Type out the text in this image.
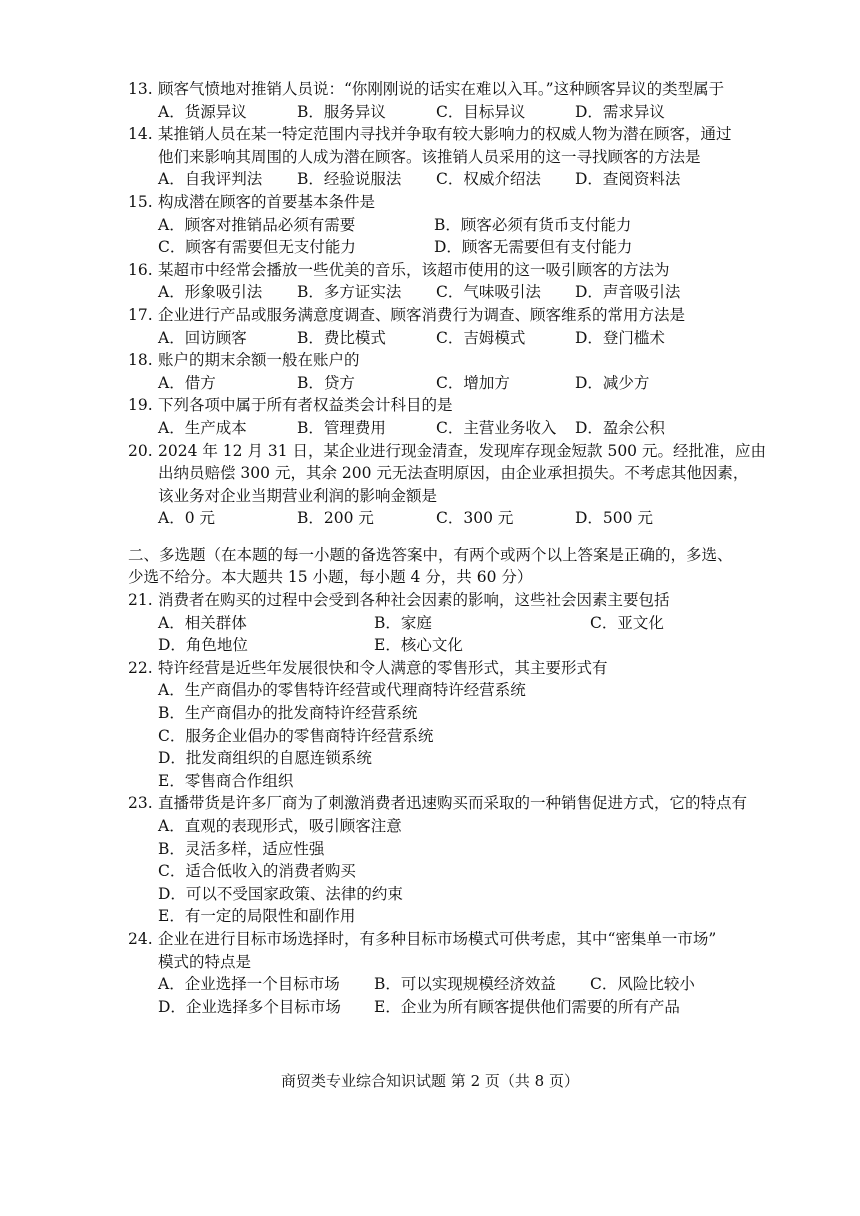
13. 顾客气愤地对推销人员说：“你刚刚说的话实在难以入耳。”这种顾客异议的类型属于
A．货源异议	B．服务异议	C．目标异议	D．需求异议
14. 某推销人员在某一特定范围内寻找并争取有较大影响力的权威人物为潜在顾客，通过
他们来影响其周围的人成为潜在顾客。该推销人员采用的这一寻找顾客的方法是
A．自我评判法	B．经验说服法	C．权威介绍法	D．查阅资料法
15. 构成潜在顾客的首要基本条件是
A．顾客对推销品必须有需要	B．顾客必须有货币支付能力
C．顾客有需要但无支付能力	D．顾客无需要但有支付能力
16. 某超市中经常会播放一些优美的音乐，该超市使用的这一吸引顾客的方法为
A．形象吸引法	B．多方证实法	C．气味吸引法	D．声音吸引法
17. 企业进行产品或服务满意度调查、顾客消费行为调查、顾客维系的常用方法是
A．回访顾客	B．费比模式	C．吉姆模式	D．登门槛术
18. 账户的期末余额一般在账户的
A．借方	B．贷方	C．增加方	D．减少方
19. 下列各项中属于所有者权益类会计科目的是
A．生产成本	B．管理费用	C．主营业务收入	D．盈余公积
20. 2024 年 12 月 31 日，某企业进行现金清查，发现库存现金短款 500 元。经批准，应由
出纳员赔偿 300 元，其余 200 元无法查明原因，由企业承担损失。不考虑其他因素，
该业务对企业当期营业利润的影响金额是
A．0 元	B．200 元	C．300 元	D．500 元
二、多选题（在本题的每一小题的备选答案中，有两个或两个以上答案是正确的，多选、
少选不给分。本大题共 15 小题，每小题 4 分，共 60 分）
21. 消费者在购买的过程中会受到各种社会因素的影响，这些社会因素主要包括
A．相关群体	B．家庭	C．亚文化
D．角色地位	E．核心文化
22. 特许经营是近些年发展很快和令人满意的零售形式，其主要形式有
A．生产商倡办的零售特许经营或代理商特许经营系统
B．生产商倡办的批发商特许经营系统
C．服务企业倡办的零售商特许经营系统
D．批发商组织的自愿连锁系统
E．零售商合作组织
23. 直播带货是许多厂商为了刺激消费者迅速购买而采取的一种销售促进方式，它的特点有
A．直观的表现形式，吸引顾客注意
B．灵活多样，适应性强
C．适合低收入的消费者购买
D．可以不受国家政策、法律的约束
E．有一定的局限性和副作用
24. 企业在进行目标市场选择时，有多种目标市场模式可供考虑，其中“密集单一市场”
模式的特点是
A．企业选择一个目标市场	B．可以实现规模经济效益	C．风险比较小
D．企业选择多个目标市场	E．企业为所有顾客提供他们需要的所有产品
商贸类专业综合知识试题 第 2 页（共 8 页）
